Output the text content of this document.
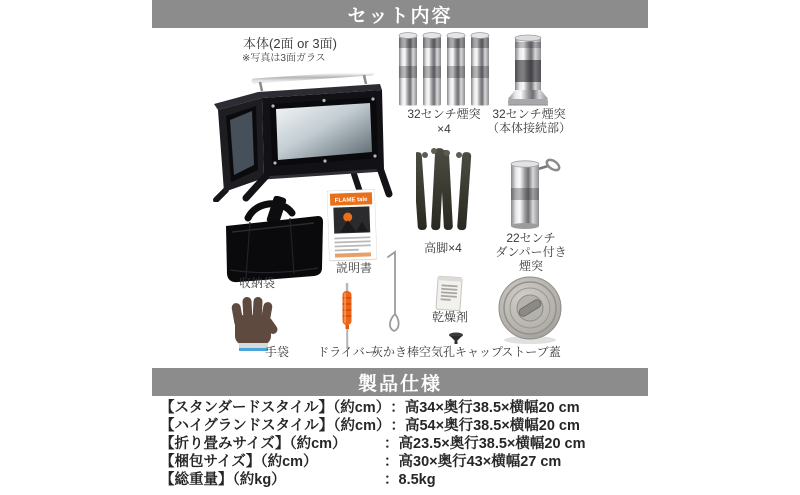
セット内容
本体(2面 or 3面)
※写真は3面ガラス
32センチ煙突
×4
32センチ煙突
（本体接続部）
高脚×4
22センチ
ダンパー付き
煙突
収納袋
FLAME tale
説明書
手袋	ドライバー
灰かき棒
乾燥剤
空気孔キャップ
ストーブ蓋
製品仕様
【スタンダードスタイル】（約cm）：高34×奥行38.5×横幅20 cm
【ハイグランドスタイル】（約cm）：高54×奥行38.5×横幅20 cm
【折り畳みサイズ】（約cm）	：高23.5×奥行38.5×横幅20 cm
【梱包サイズ】（約cm）	：高30×奥行43×横幅27 cm
【総重量】（約kg）	：8.5kg
